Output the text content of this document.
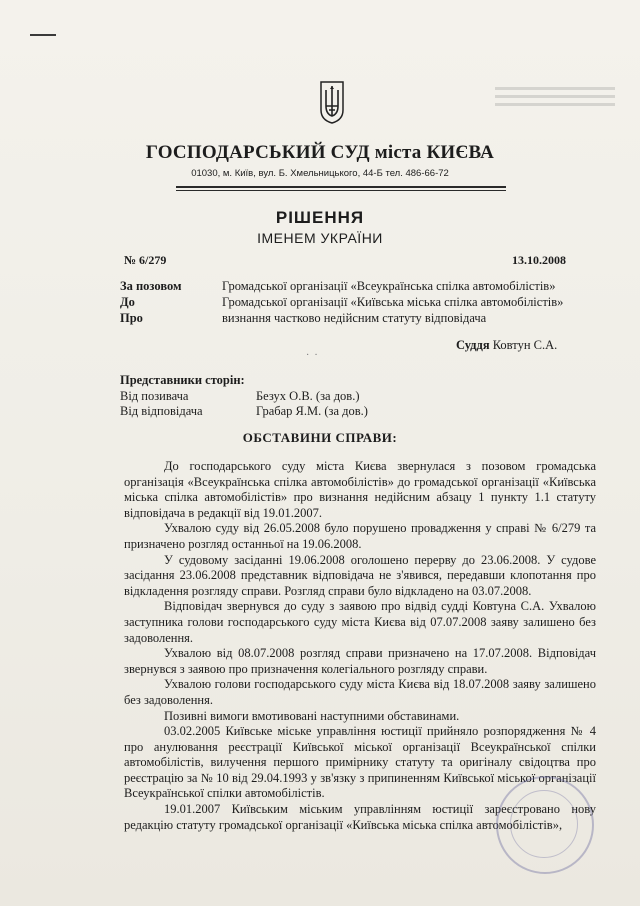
ГОСПОДАРСЬКИЙ СУД міста КИЄВА
01030, м. Київ, вул. Б. Хмельницького, 44-Б тел. 486-66-72
РІШЕННЯ
ІМЕНЕМ УКРАЇНИ
№ 6/279	13.10.2008
За позовом	Громадської організації «Всеукраїнська спілка автомобілістів»
До	Громадської організації «Київська міська спілка автомобілістів»
Про	визнання частково недійсним статуту відповідача
Суддя Ковтун С.А.
·  ·
Представники сторін:
Від позивача	Безух О.В. (за дов.)
Від відповідача	Грабар Я.М. (за дов.)
ОБСТАВИНИ СПРАВИ:

До господарського суду міста Києва звернулася з позовом громадська організація «Всеукраїнська спілка автомобілістів» до громадської організації «Київська міська спілка автомобілістів» про визнання недійсним абзацу 1 пункту 1.1 статуту відповідача в редакції від 19.01.2007.

Ухвалою суду від 26.05.2008 було порушено провадження у справі № 6/279 та призначено розгляд останньої на 19.06.2008.

У судовому засіданні 19.06.2008 оголошено перерву до 23.06.2008. У судове засідання 23.06.2008 представник відповідача не з'явився, передавши клопотання про відкладення розгляду справи. Розгляд справи було відкладено на 03.07.2008.

Відповідач звернувся до суду з заявою про відвід судді Ковтуна С.А. Ухвалою заступника голови господарського суду міста Києва від 07.07.2008 заяву залишено без задоволення.

Ухвалою від 08.07.2008 розгляд справи призначено на 17.07.2008. Відповідач звернувся з заявою про призначення колегіального розгляду справи.

Ухвалою голови господарського суду міста Києва від 18.07.2008 заяву залишено без задоволення.

Позивні вимоги вмотивовані наступними обставинами.

03.02.2005 Київське міське управління юстиції прийняло розпорядження № 4 про анулювання реєстрації Київської міської організації Всеукраїнської спілки автомобілістів, вилучення першого примірнику статуту та оригіналу свідоцтва про реєстрацію за № 10 від 29.04.1993 у зв'язку з припиненням Київської міської організації Всеукраїнської спілки автомобілістів.

19.01.2007 Київським міським управлінням юстиції зареєстровано нову редакцію статуту громадської організації «Київська міська спілка автомобілістів»,
